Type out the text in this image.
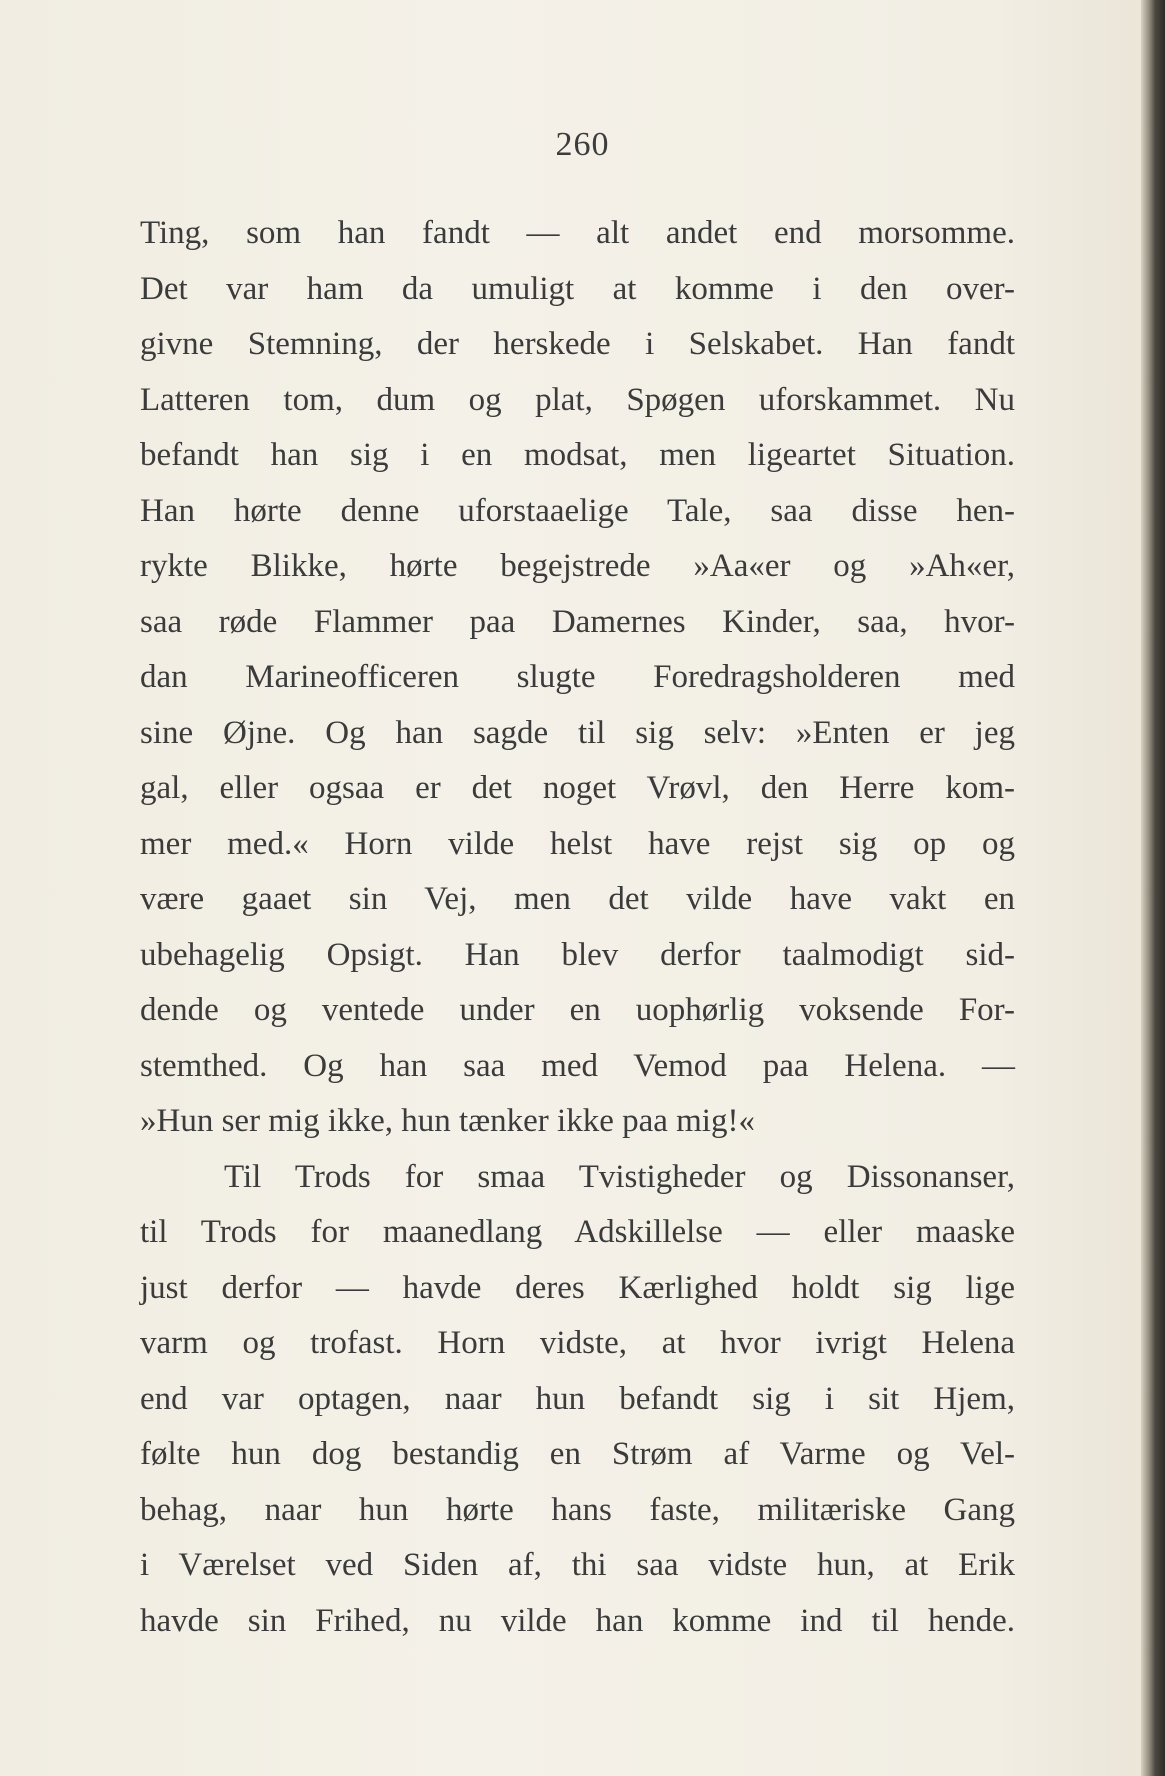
260
Ting, som han fandt — alt andet end morsomme.
Det var ham da umuligt at komme i den over-
givne Stemning, der herskede i Selskabet. Han fandt
Latteren tom, dum og plat, Spøgen uforskammet. Nu
befandt han sig i en modsat, men ligeartet Situation.
Han hørte denne uforstaaelige Tale, saa disse hen-
rykte Blikke, hørte begejstrede »Aa«er og »Ah«er,
saa røde Flammer paa Damernes Kinder, saa, hvor-
dan Marineofficeren slugte Foredragsholderen med
sine Øjne. Og han sagde til sig selv: »Enten er jeg
gal, eller ogsaa er det noget Vrøvl, den Herre kom-
mer med.« Horn vilde helst have rejst sig op og
være gaaet sin Vej, men det vilde have vakt en
ubehagelig Opsigt. Han blev derfor taalmodigt sid-
dende og ventede under en uophørlig voksende For-
stemthed. Og han saa med Vemod paa Helena. —
»Hun ser mig ikke, hun tænker ikke paa mig!«
Til Trods for smaa Tvistigheder og Dissonanser,
til Trods for maanedlang Adskillelse — eller maaske
just derfor — havde deres Kærlighed holdt sig lige
varm og trofast. Horn vidste, at hvor ivrigt Helena
end var optagen, naar hun befandt sig i sit Hjem,
følte hun dog bestandig en Strøm af Varme og Vel-
behag, naar hun hørte hans faste, militæriske Gang
i Værelset ved Siden af, thi saa vidste hun, at Erik
havde sin Frihed, nu vilde han komme ind til hende.
